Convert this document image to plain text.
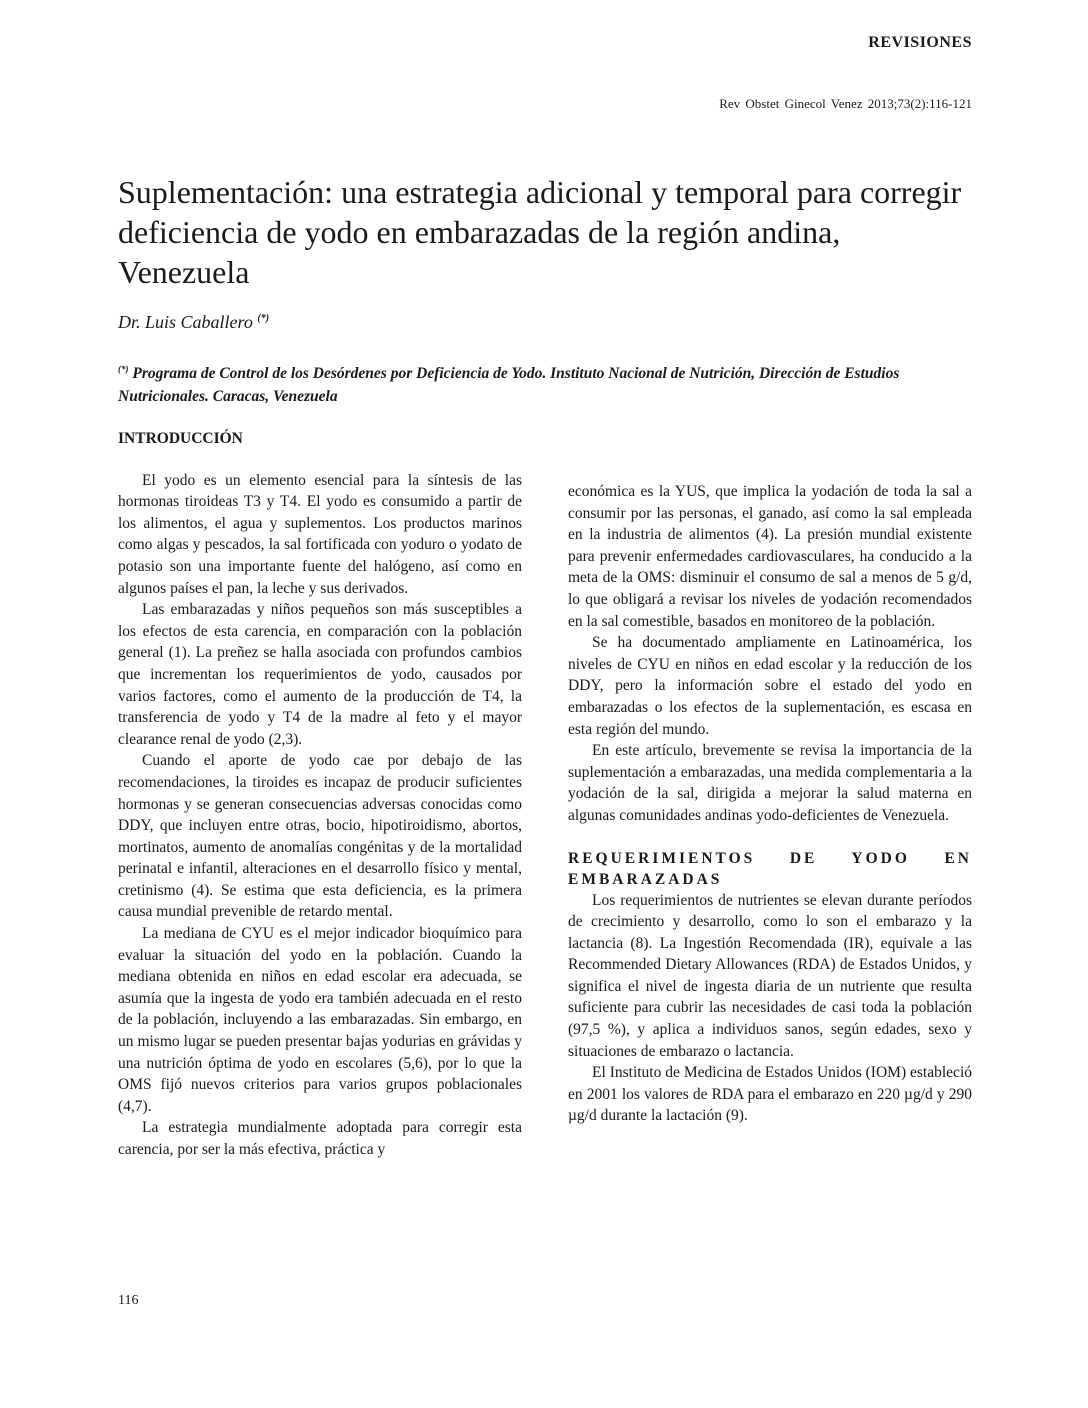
REVISIONES
Rev Obstet Ginecol Venez 2013;73(2):116-121
Suplementación: una estrategia adicional y temporal para corregir deficiencia de yodo en embarazadas de la región andina, Venezuela
Dr. Luis Caballero (*)
(*) Programa de Control de los Desórdenes por Deficiencia de Yodo. Instituto Nacional de Nutrición, Dirección de Estudios Nutricionales. Caracas, Venezuela
INTRODUCCIÓN

El yodo es un elemento esencial para la síntesis de las hormonas tiroideas T3 y T4. El yodo es consumido a partir de los alimentos, el agua y suplementos. Los productos marinos como algas y pescados, la sal fortificada con yoduro o yodato de potasio son una importante fuente del halógeno, así como en algunos países el pan, la leche y sus derivados.

Las embarazadas y niños pequeños son más susceptibles a los efectos de esta carencia, en comparación con la población general (1). La preñez se halla asociada con profundos cambios que incrementan los requerimientos de yodo, causados por varios factores, como el aumento de la producción de T4, la transferencia de yodo y T4 de la madre al feto y el mayor clearance renal de yodo (2,3).

Cuando el aporte de yodo cae por debajo de las recomendaciones, la tiroides es incapaz de producir suficientes hormonas y se generan consecuencias adversas conocidas como DDY, que incluyen entre otras, bocio, hipotiroidismo, abortos, mortinatos, aumento de anomalías congénitas y de la mortalidad perinatal e infantil, alteraciones en el desarrollo físico y mental, cretinismo (4). Se estima que esta deficiencia, es la primera causa mundial prevenible de retardo mental.

La mediana de CYU es el mejor indicador bioquímico para evaluar la situación del yodo en la población. Cuando la mediana obtenida en niños en edad escolar era adecuada, se asumía que la ingesta de yodo era también adecuada en el resto de la población, incluyendo a las embarazadas. Sin embargo, en un mismo lugar se pueden presentar bajas yodurias en grávidas y una nutrición óptima de yodo en escolares (5,6), por lo que la OMS fijó nuevos criterios para varios grupos poblacionales (4,7).

La estrategia mundialmente adoptada para corregir esta carencia, por ser la más efectiva, práctica y

económica es la YUS, que implica la yodación de toda la sal a consumir por las personas, el ganado, así como la sal empleada en la industria de alimentos (4). La presión mundial existente para prevenir enfermedades cardiovasculares, ha conducido a la meta de la OMS: disminuir el consumo de sal a menos de 5 g/d, lo que obligará a revisar los niveles de yodación recomendados en la sal comestible, basados en monitoreo de la población.

Se ha documentado ampliamente en Latinoamérica, los niveles de CYU en niños en edad escolar y la reducción de los DDY, pero la información sobre el estado del yodo en embarazadas o los efectos de la suplementación, es escasa en esta región del mundo.

En este artículo, brevemente se revisa la importancia de la suplementación a embarazadas, una medida complementaria a la yodación de la sal, dirigida a mejorar la salud materna en algunas comunidades andinas yodo-deficientes de Venezuela.

REQUERIMIENTOS DE YODO EN EMBARAZADAS

Los requerimientos de nutrientes se elevan durante períodos de crecimiento y desarrollo, como lo son el embarazo y la lactancia (8). La Ingestión Recomendada (IR), equivale a las Recommended Dietary Allowances (RDA) de Estados Unidos, y significa el nivel de ingesta diaria de un nutriente que resulta suficiente para cubrir las necesidades de casi toda la población (97,5 %), y aplica a individuos sanos, según edades, sexo y situaciones de embarazo o lactancia.

El Instituto de Medicina de Estados Unidos (IOM) estableció en 2001 los valores de RDA para el embarazo en 220 µg/d y 290 µg/d durante la lactación (9).

116
